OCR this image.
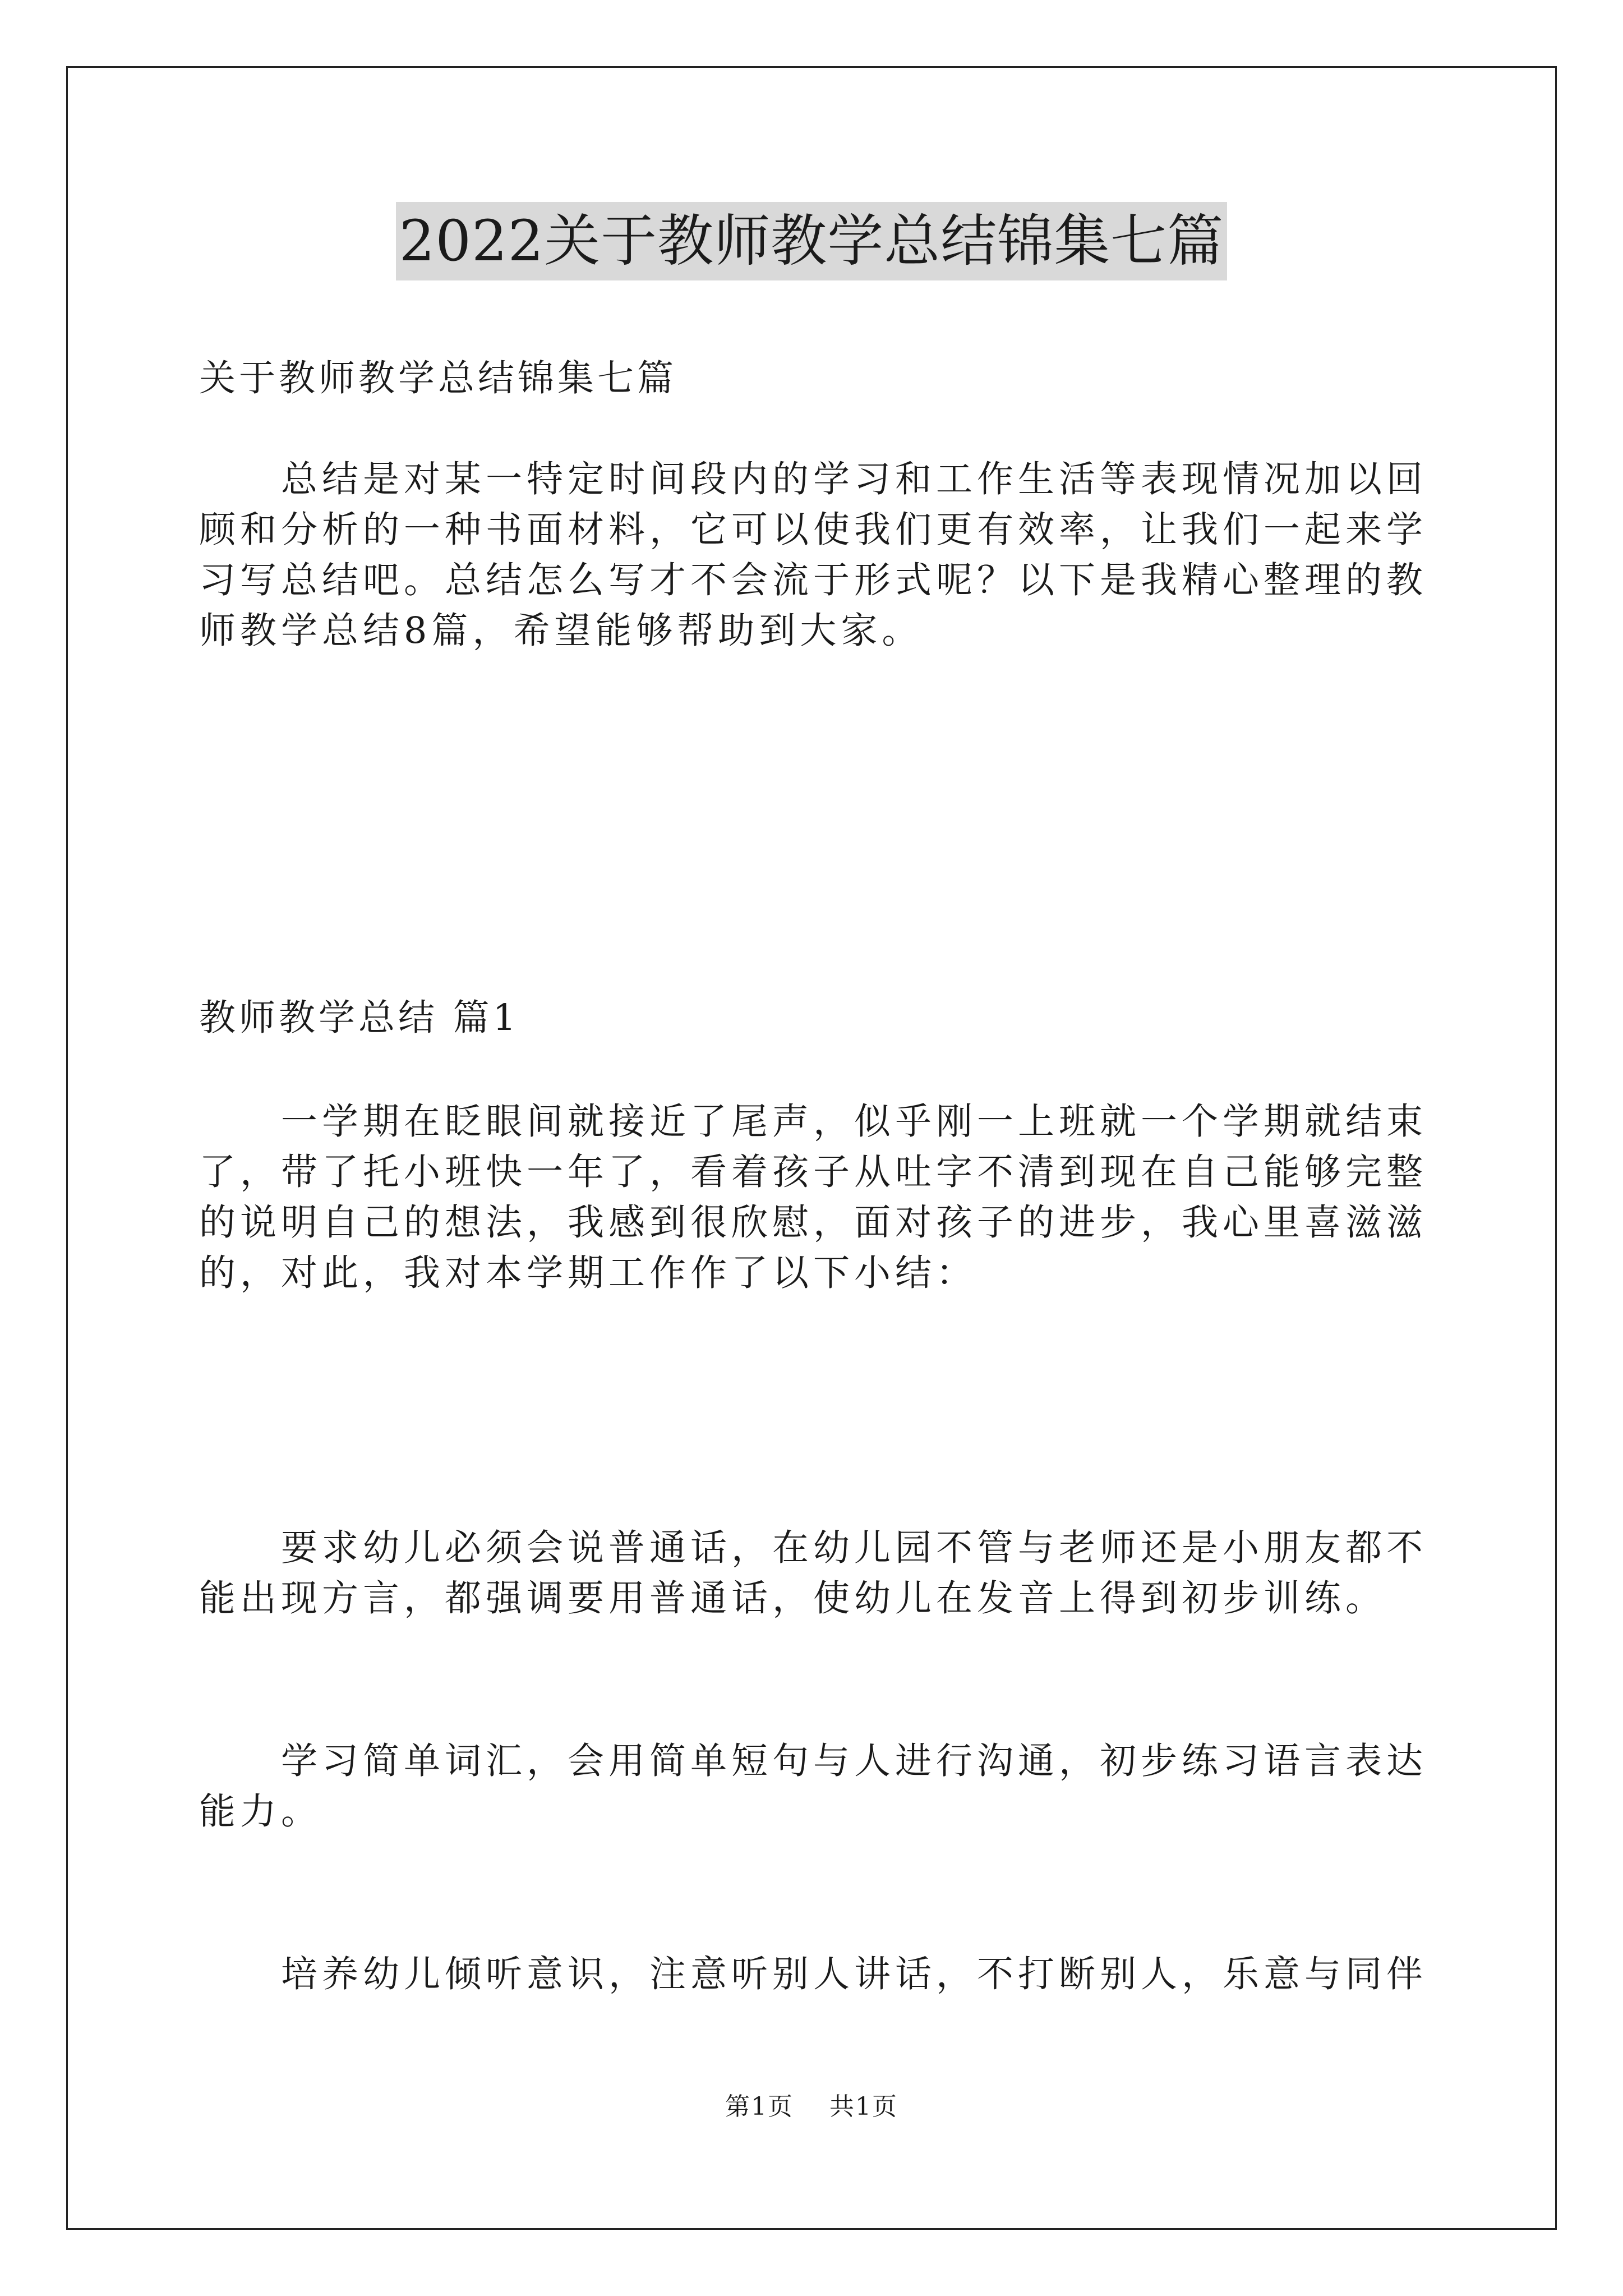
2022关于教师教学总结锦集七篇

关于教师教学总结锦集七篇

总结是对某一特定时间段内的学习和工作生活等表现情况加以回顾和分析的一种书面材料，它可以使我们更有效率，让我们一起来学习写总结吧。总结怎么写才不会流于形式呢？以下是我精心整理的教师教学总结8篇，希望能够帮助到大家。

教师教学总结 篇1

一学期在眨眼间就接近了尾声，似乎刚一上班就一个学期就结束了，带了托小班快一年了，看着孩子从吐字不清到现在自己能够完整的说明自己的想法，我感到很欣慰，面对孩子的进步，我心里喜滋滋的，对此，我对本学期工作作了以下小结：

要求幼儿必须会说普通话，在幼儿园不管与老师还是小朋友都不能出现方言，都强调要用普通话，使幼儿在发音上得到初步训练。

学习简单词汇，会用简单短句与人进行沟通，初步练习语言表达能力。

培养幼儿倾听意识，注意听别人讲话，不打断别人，乐意与同伴

第1页    共1页
